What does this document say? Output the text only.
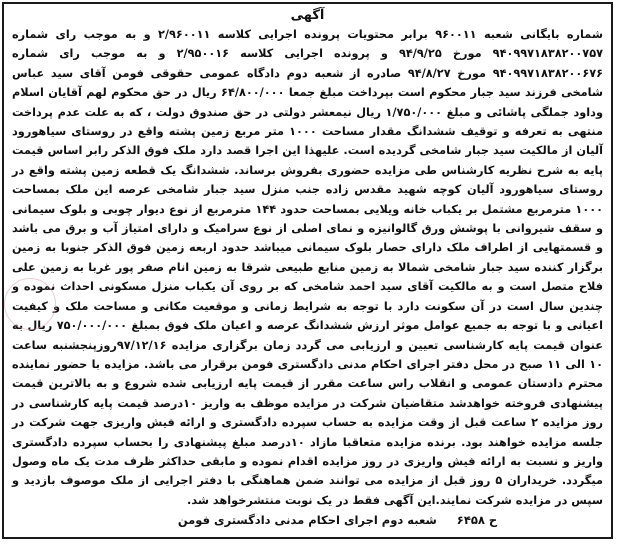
آگهی

شماره بایگانی شعبه ۹۶۰۰۱۱ برابر محتویات پرونده اجرایی کلاسه ۲/۹۶۰۰۱۱ و به موجب رای شماره ۹۴۰۹۹۷۱۸۳۸۲۰۰۷۵۷ مورخ ۹۴/۹/۲۵ و پرونده اجرایی کلاسه ۲/۹۵۰۰۱۶ و به موجب رای شماره ۹۴۰۹۹۷۱۸۳۸۲۰۰۶۷۶ مورخ ۹۴/۸/۲۷ صادره از شعبه دوم دادگاه عمومی حقوقی فومن آقای سید عباس شامخی فرزند سید جبار محکوم است بپرداخت مبلغ جمعا ۶۴/۸۰۰/۰۰۰ ریال در حق محکوم لهم آقایان اسلام وداود جملگی پاشائی و مبلغ ۱/۷۵۰/۰۰۰ ریال نیمعشر دولتی در حق صندوق دولت ، که به علت عدم پرداخت منتهی به تعرفه و توقیف ششدانگ مقدار مساحت ۱۰۰۰ متر مربع زمین پشته واقع در روستای سیاهورود آلیان از مالکیت سید جبار شامخی گردیده است. علیهذا این اجرا قصد دارد ملک فوق الذکر رابر اساس قیمت پایه به شرح نظریه کارشناس طی مزایده حضوری بفروش برساند. ششدانگ یک قطعه زمین پشته واقع در روستای سیاهورود آلیان کوچه شهید مقدس زاده جنب منزل سید جبار شامخی عرصه این ملک بمساحت ۱۰۰۰ مترمربع مشتمل بر یکباب خانه ویلایی بمساحت حدود ۱۴۴ مترمربع از نوع دیوار چوبی و بلوک سیمانی و سقف شیروانی با پوشش ورق گالوانیزه و نمای اصلی از نوع سرامیک و دارای امتیاز آب و برق می باشد و قسمتهایی از اطراف ملک دارای حصار بلوک سیمانی میباشد حدود اربعه زمین فوق الذکر جنوبا به زمین برگزار کننده سید جبار شامخی شمالا به زمین منابع طبیعی شرقا به زمین انام صفر پور غربا به زمین علی فلاح متصل است و به مالکیت آقای سید احمد شامخی که بر روی آن یکباب منزل مسکونی احداث نموده و چندین سال است در آن سکونت دارد با توجه به شرایط زمانی و موقعیت مکانی و مساحت ملک و کیفیت اعیانی و با توجه به جمیع عوامل موثر ارزش ششدانگ عرصه و اعیان ملک فوق بمبلغ ۷۵۰/۰۰۰/۰۰۰ ریال به عنوان قیمت پایه کارشناسی تعیین و ارزیابی می گردد زمان برگزاری مزایده ۹۷/۱۲/۱۶روزپنجشنبه ساعت ۱۰ الی ۱۱ صبح در محل دفتر اجرای احکام مدنی دادگستری فومن برقرار می باشد. مزایده با حضور نماینده محترم دادستان عمومی و انقلاب راس ساعت مقرر از قیمت پایه ارزیابی شده شروع و به بالاترین قیمت پیشنهادی فروخته خواهدشد متقاضیان شرکت در مزایده موظف به واریز ۱۰درصد قیمت پایه کارشناسی در روز مزایده ۲ ساعت قبل از وقت مزایده به حساب سپرده دادگستری و ارائه فیش واریزی جهت شرکت در جلسه مزایده خواهند بود. برنده مزایده متعاقبا مازاد ۱۰درصد مبلغ پیشنهادی را بحساب سپرده دادگستری واریز و نسبت به ارائه فیش واریزی در روز مزایده اقدام نموده و مابقی حداکثر ظرف مدت یک ماه وصول میگردد. خریداران ۵ روز قبل از مزایده می توانند ضمن هماهنگی با دفتر اجرایی از ملک موصوف بازدید و سپس در مزایده شرکت نمایند.این آگهی فقط در یک نوبت منتشرخواهد شد.

ح ۶۴۵۸     شعبه دوم اجرای احکام مدنی دادگستری فومن
